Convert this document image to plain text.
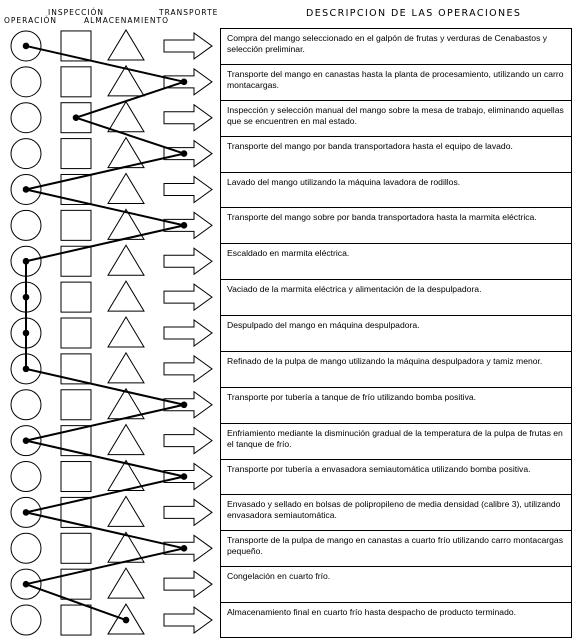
OPERACIÓN
INSPECCIÓN
ALMACENAMIENTO
TRANSPORTE	DESCRIPCION DE LAS OPERACIONES
Compra del mango seleccionado en el galpón de frutas y verduras de Cenabastos y selección preliminar.
Transporte del mango en canastas hasta la planta de procesamiento, utilizando un carro montacargas.
Inspección y selección manual del mango sobre la mesa de trabajo, eliminando aquellas que se encuentren en mal estado.
Transporte del mango por banda transportadora hasta el equipo de lavado.
Lavado del mango utilizando la máquina lavadora de rodillos.
Transporte del mango sobre por banda transportadora hasta la marmita eléctrica.
Escaldado en marmita eléctrica.
Vaciado de la marmita eléctrica y alimentación de la despulpadora.
Despulpado del mango en máquina despulpadora.
Refinado de la pulpa de mango utilizando la máquina despulpadora y tamiz menor.
Transporte por tubería a tanque de frío utilizando bomba positiva.
Enfriamiento mediante la disminución gradual de la temperatura de la pulpa de frutas en el tanque de frío.
Transporte por tubería a envasadora semiautomática utilizando bomba positiva.
Envasado y sellado en bolsas de polipropileno de media densidad (calibre 3), utilizando envasadora semiautomática.
Transporte de la pulpa de mango en canastas a cuarto frío utilizando carro montacargas pequeño.
Congelación en cuarto frío.
Almacenamiento final en cuarto frío hasta despacho de producto terminado.
